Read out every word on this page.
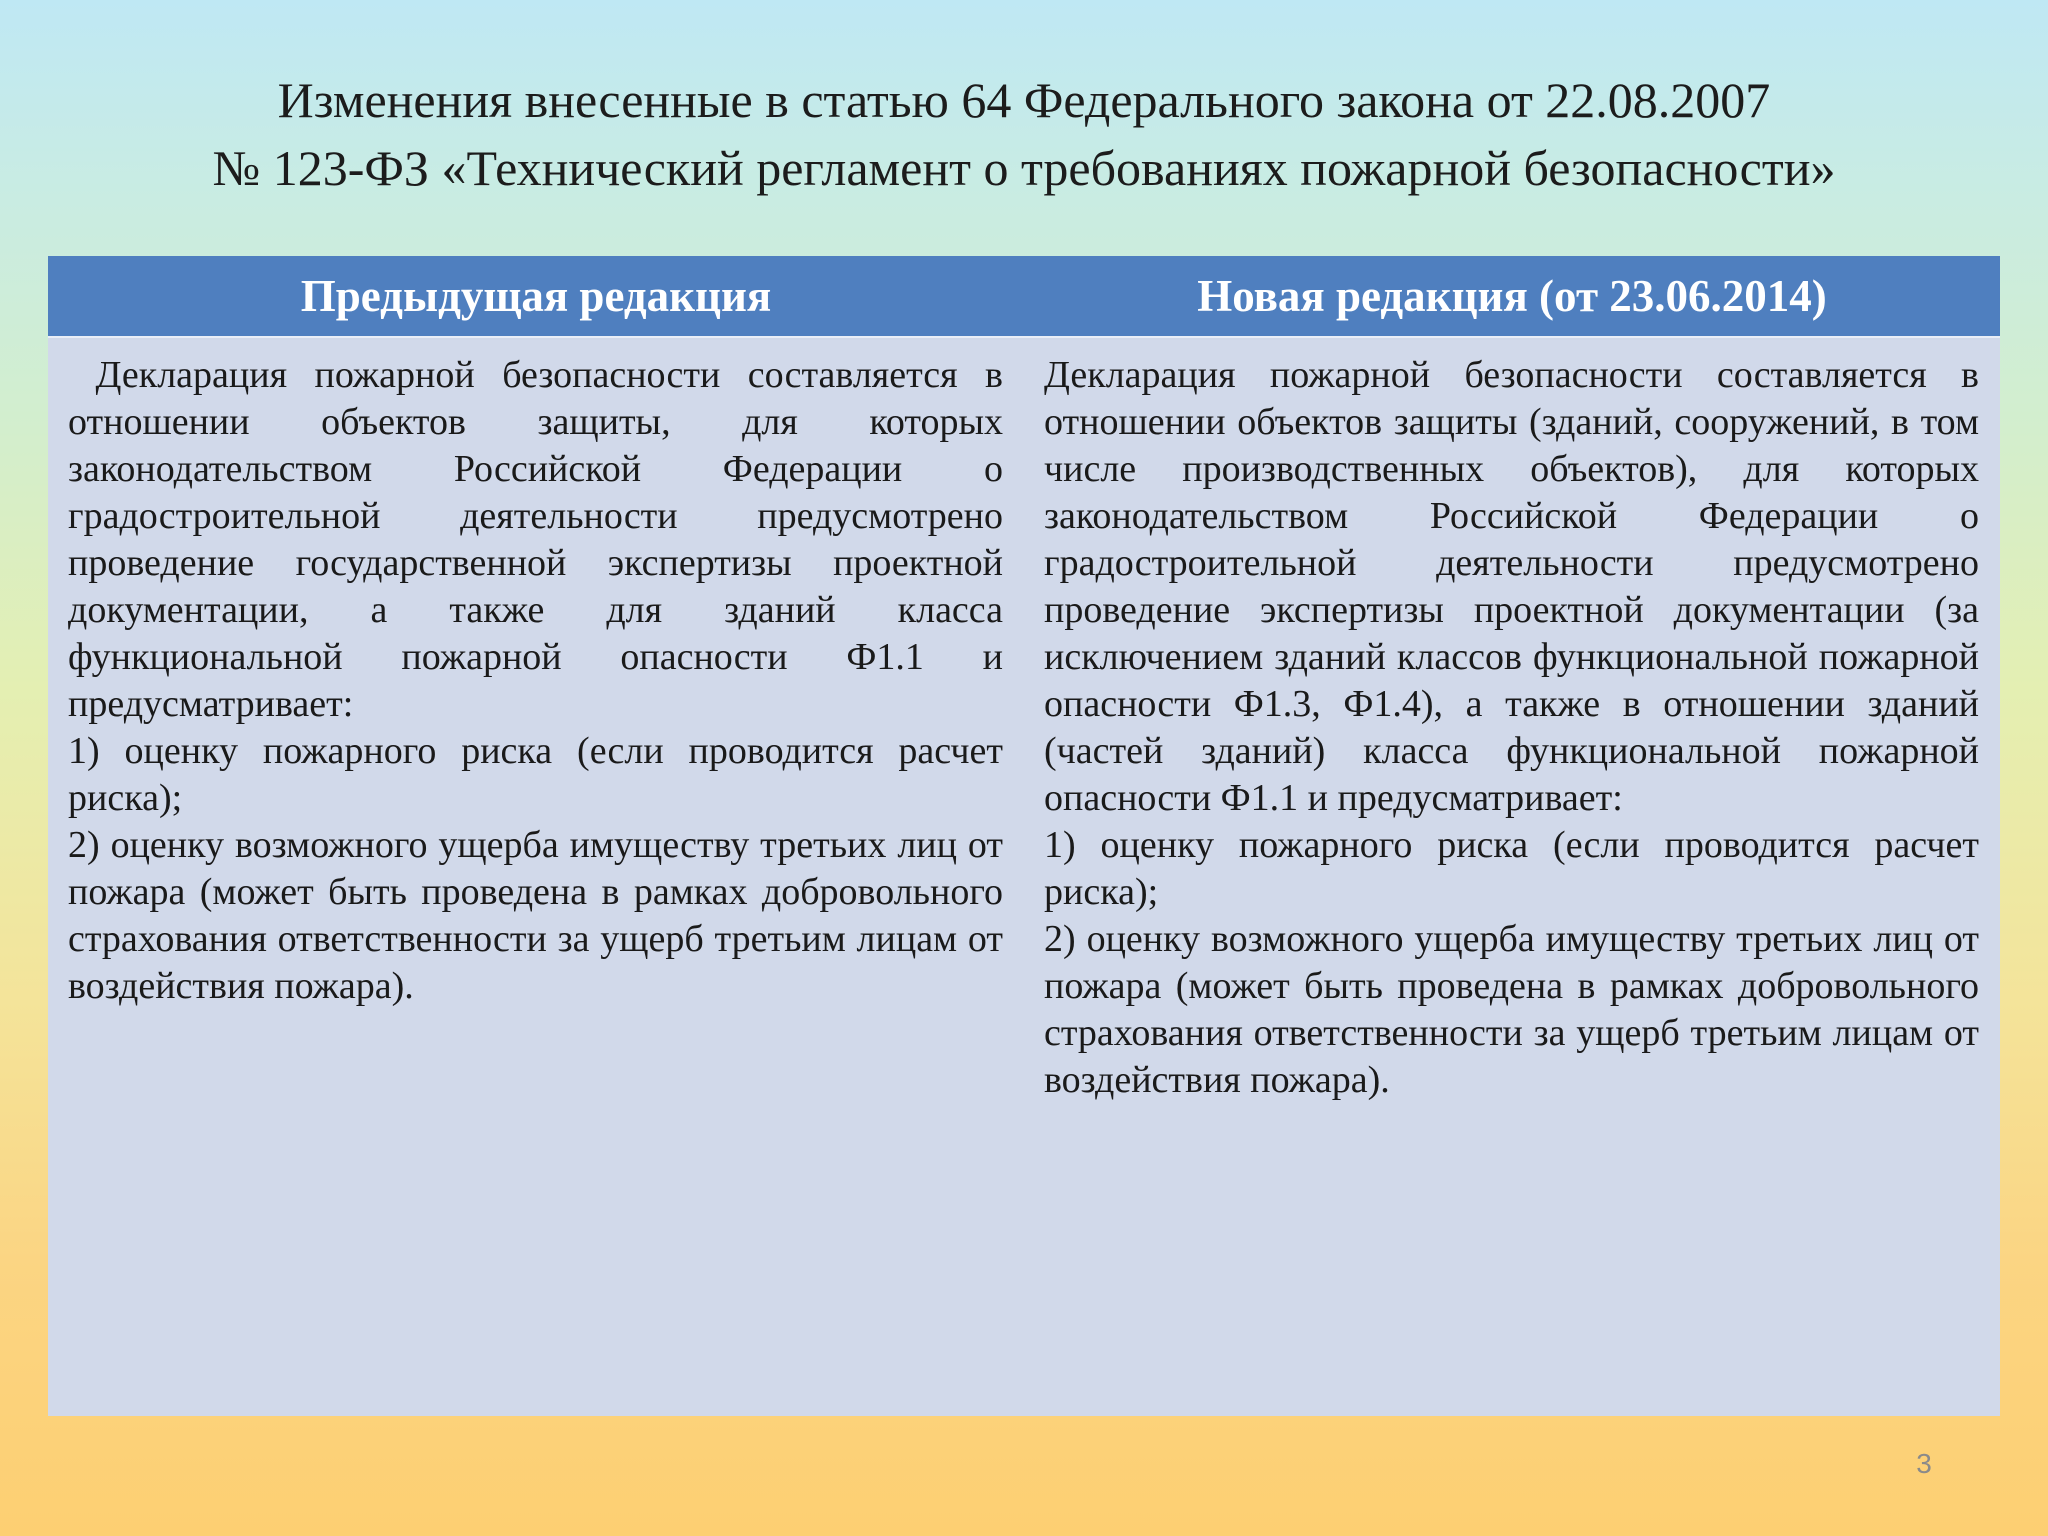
Изменения внесенные в статью 64 Федерального закона от 22.08.2007
№ 123-ФЗ «Технический регламент о требованиях пожарной безопасности»
Предыдущая редакция	Новая редакция (от 23.06.2014)

Декларация пожарной безопасности составляется в отношении объектов защиты, для которых законодательством Российской Федерации о градостроительной деятельности предусмотрено проведение государственной экспертизы проектной документации, а также для зданий класса функциональной пожарной опасности Ф1.1 и предусматривает:

1) оценку пожарного риска (если проводится расчет риска);

2) оценку возможного ущерба имуществу третьих лиц от пожара (может быть проведена в рамках добровольного страхования ответственности за ущерб третьим лицам от воздействия пожара).

Декларация пожарной безопасности составляется в отношении объектов защиты (зданий, сооружений, в том числе производственных объектов), для которых законодательством Российской Федерации о градостроительной деятельности предусмотрено проведение экспертизы проектной документации (за исключением зданий классов функциональной пожарной опасности Ф1.3, Ф1.4), а также в отношении зданий (частей зданий) класса функциональной пожарной опасности Ф1.1 и предусматривает:

1) оценку пожарного риска (если проводится расчет риска);

2) оценку возможного ущерба имуществу третьих лиц от пожара (может быть проведена в рамках добровольного страхования ответственности за ущерб третьим лицам от воздействия пожара).

3
